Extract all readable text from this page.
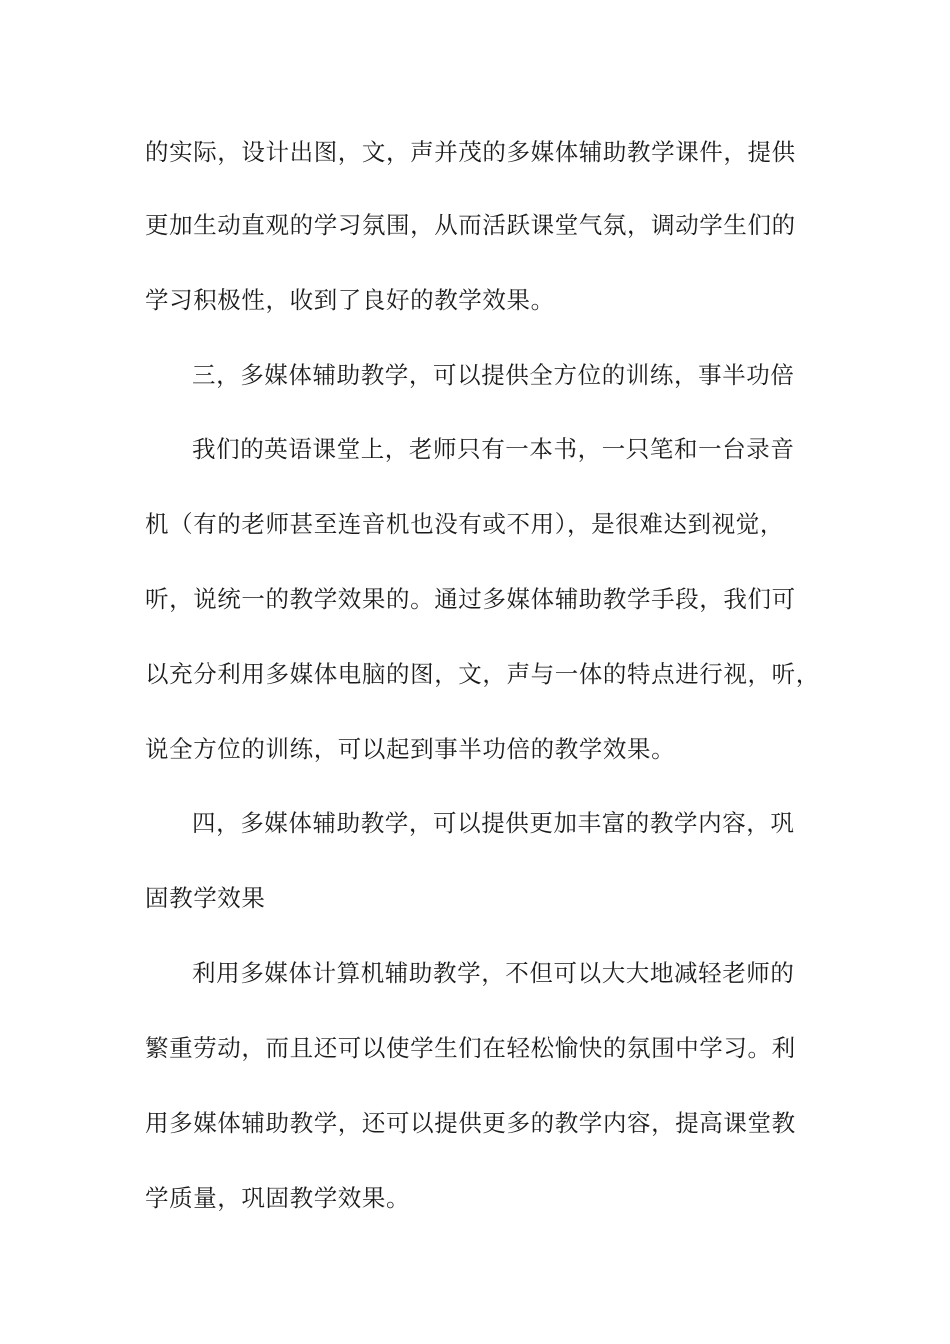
的实际，设计出图，文，声并茂的多媒体辅助教学课件，提供
更加生动直观的学习氛围，从而活跃课堂气氛，调动学生们的
学习积极性，收到了良好的教学效果。
三，多媒体辅助教学，可以提供全方位的训练，事半功倍
我们的英语课堂上，老师只有一本书，一只笔和一台录音
机（有的老师甚至连音机也没有或不用），是很难达到视觉，
听，说统一的教学效果的。通过多媒体辅助教学手段，我们可
以充分利用多媒体电脑的图，文，声与一体的特点进行视，听，
说全方位的训练，可以起到事半功倍的教学效果。
四，多媒体辅助教学，可以提供更加丰富的教学内容，巩
固教学效果
利用多媒体计算机辅助教学，不但可以大大地减轻老师的
繁重劳动，而且还可以使学生们在轻松愉快的氛围中学习。利
用多媒体辅助教学，还可以提供更多的教学内容，提高课堂教
学质量，巩固教学效果。
